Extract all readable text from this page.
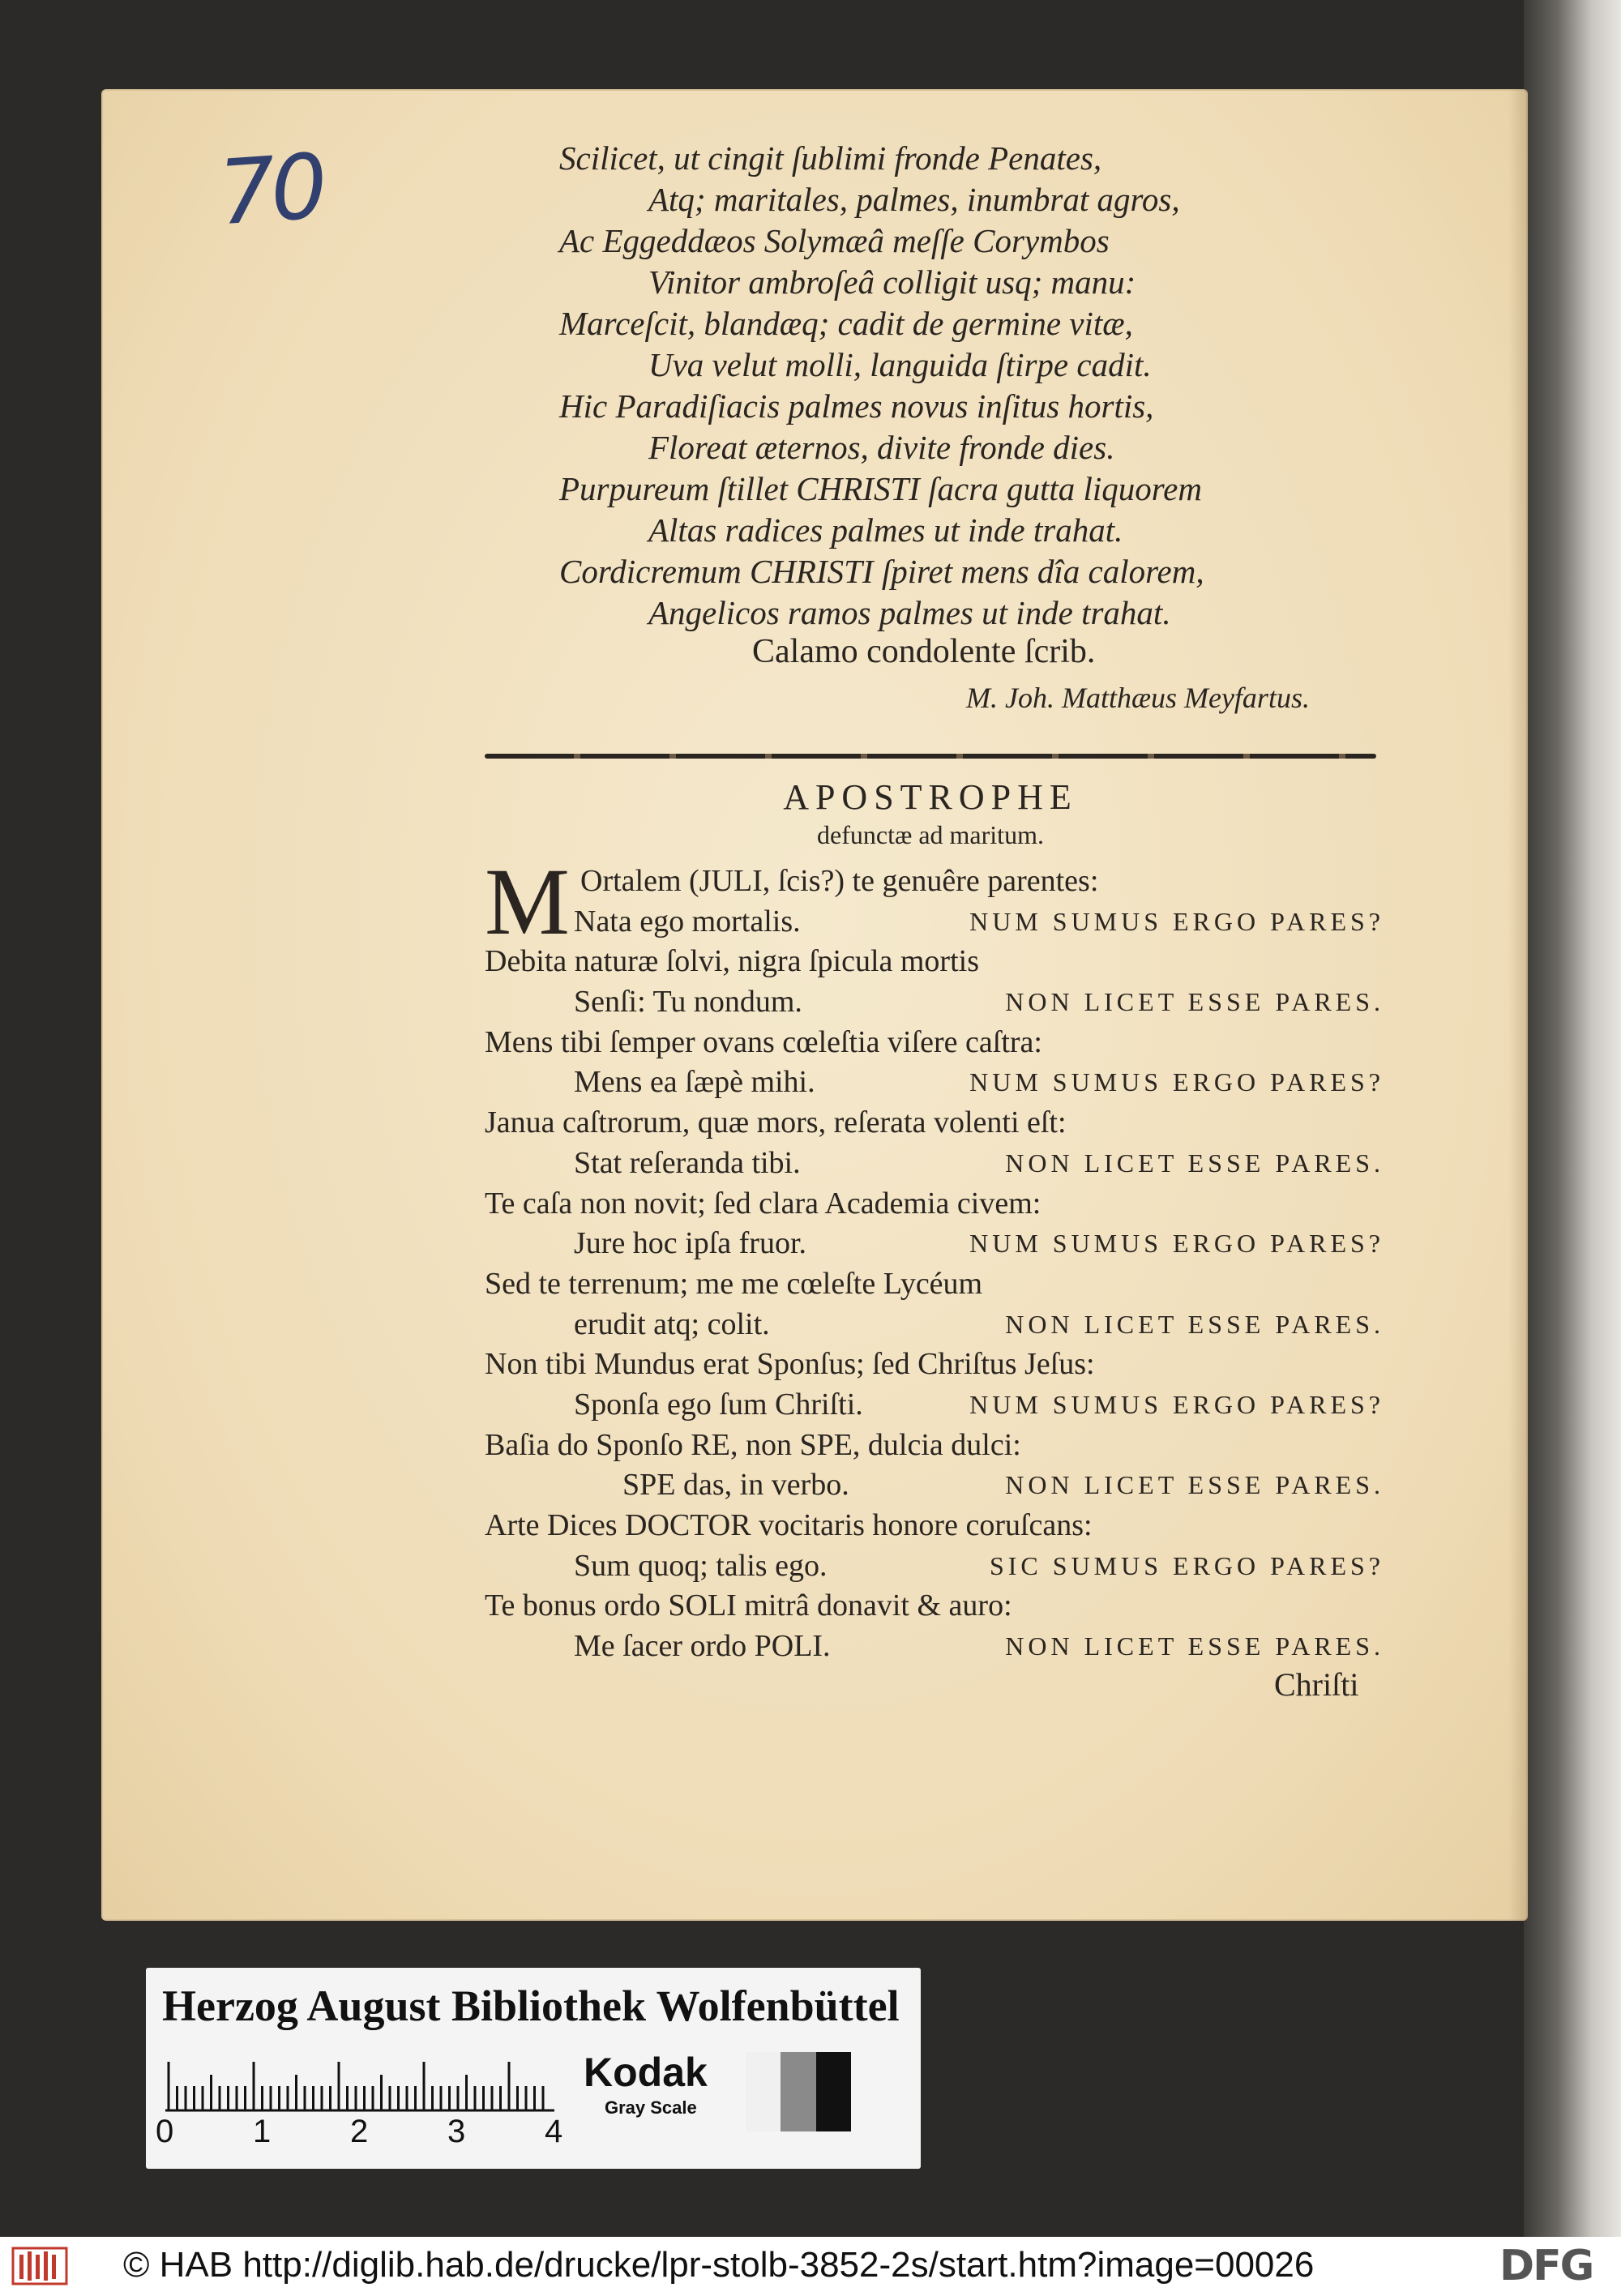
70	Scilicet, ut cingit ſublimi fronde Penates,
Atq; maritales, palmes, inumbrat agros,
Ac Eggeddæos Solymæâ meſſe Corymbos
Vinitor ambroſeâ colligit usq; manu:
Marceſcit, blandæq; cadit de germine vitæ,
Uva velut molli, languida ſtirpe cadit.
Hic Paradiſiacis palmes novus inſitus hortis,
Floreat æternos, divite fronde dies.
Purpureum ſtillet CHRISTI ſacra gutta liquorem
Altas radices palmes ut inde trahat.
Cordicremum CHRISTI ſpiret mens dîa calorem,
Angelicos ramos palmes ut inde trahat.
Calamo condolente ſcrib.
M. Joh. Matthæus Meyfartus.
APOSTROPHE
defunctæ ad maritum.
M Ortalem (JULI, ſcis?) te genuêre parentes:
Nata ego mortalis.	NUM SUMUS ERGO PARES?
Debita naturæ ſolvi, nigra ſpicula mortis
Senſi: Tu nondum.	NON LICET ESSE PARES.
Mens tibi ſemper ovans cœleſtia viſere caſtra:
Mens ea ſæpè mihi.	NUM SUMUS ERGO PARES?
Janua caſtrorum, quæ mors, reſerata volenti eſt:
Stat reſeranda tibi.	NON LICET ESSE PARES.
Te caſa non novit; ſed clara Academia civem:
Jure hoc ipſa fruor.	NUM SUMUS ERGO PARES?
Sed te terrenum; me me cœleſte Lycéum
erudit atq; colit.	NON LICET ESSE PARES.
Non tibi Mundus erat Sponſus; ſed Chriſtus Jeſus:
Sponſa ego ſum Chriſti.	NUM SUMUS ERGO PARES?
Baſia do Sponſo RE, non SPE, dulcia dulci:
SPE das, in verbo.	NON LICET ESSE PARES.
Arte Dices DOCTOR vocitaris honore coruſcans:
Sum quoq; talis ego.	SIC SUMUS ERGO PARES?
Te bonus ordo SOLI mitrâ donavit & auro:
Me ſacer ordo POLI.	NON LICET ESSE PARES.
Chriſti
Herzog August Bibliothek Wolfenbüttel
0 1 2 3 4
Kodak
Gray Scale
© HAB http://diglib.hab.de/drucke/lpr-stolb-3852-2s/start.htm?image=00026	DFG
